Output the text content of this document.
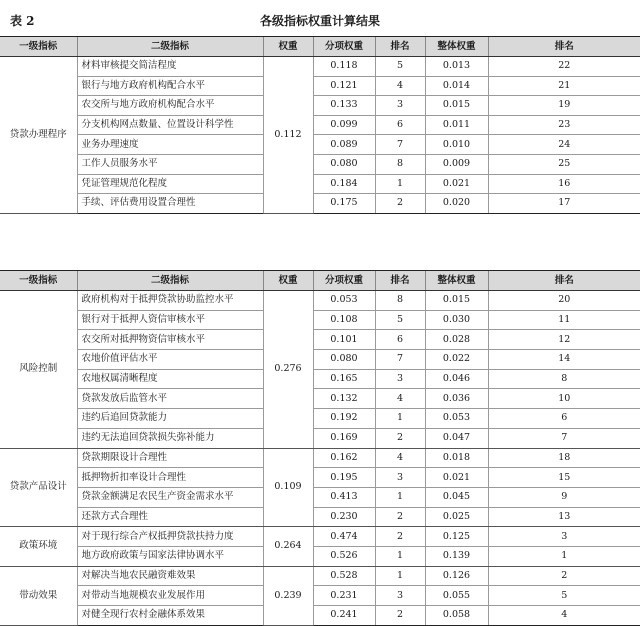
表 2	各级指标权重计算结果
一级指标	二级指标	权重	分项权重	排名	整体权重	排名
贷款办理程序	材料审核提交简洁程度	0.112	0.118	5	0.013	22
	银行与地方政府机构配合水平		0.121	4	0.014	21
	农交所与地方政府机构配合水平		0.133	3	0.015	19
	分支机构网点数量、位置设计科学性		0.099	6	0.011	23
	业务办理速度		0.089	7	0.010	24
	工作人员服务水平		0.080	8	0.009	25
	凭证管理规范化程度		0.184	1	0.021	16
	手续、评估费用设置合理性		0.175	2	0.020	17
一级指标	二级指标	权重	分项权重	排名	整体权重	排名
风险控制	政府机构对于抵押贷款协助监控水平	0.276	0.053	8	0.015	20
	银行对于抵押人资信审核水平		0.108	5	0.030	11
	农交所对抵押物资信审核水平		0.101	6	0.028	12
	农地价值评估水平		0.080	7	0.022	14
	农地权属清晰程度		0.165	3	0.046	8
	贷款发放后监管水平		0.132	4	0.036	10
	违约后追回贷款能力		0.192	1	0.053	6
	违约无法追回贷款损失弥补能力		0.169	2	0.047	7
贷款产品设计	贷款期限设计合理性	0.109	0.162	4	0.018	18
	抵押物折扣率设计合理性		0.195	3	0.021	15
	贷款金额满足农民生产资金需求水平		0.413	1	0.045	9
	还款方式合理性		0.230	2	0.025	13
政策环境	对于现行综合产权抵押贷款扶持力度	0.264	0.474	2	0.125	3
	地方政府政策与国家法律协调水平		0.526	1	0.139	1
带动效果	对解决当地农民融资难效果	0.239	0.528	1	0.126	2
	对带动当地规模农业发展作用		0.231	3	0.055	5
	对健全现行农村金融体系效果		0.241	2	0.058	4
